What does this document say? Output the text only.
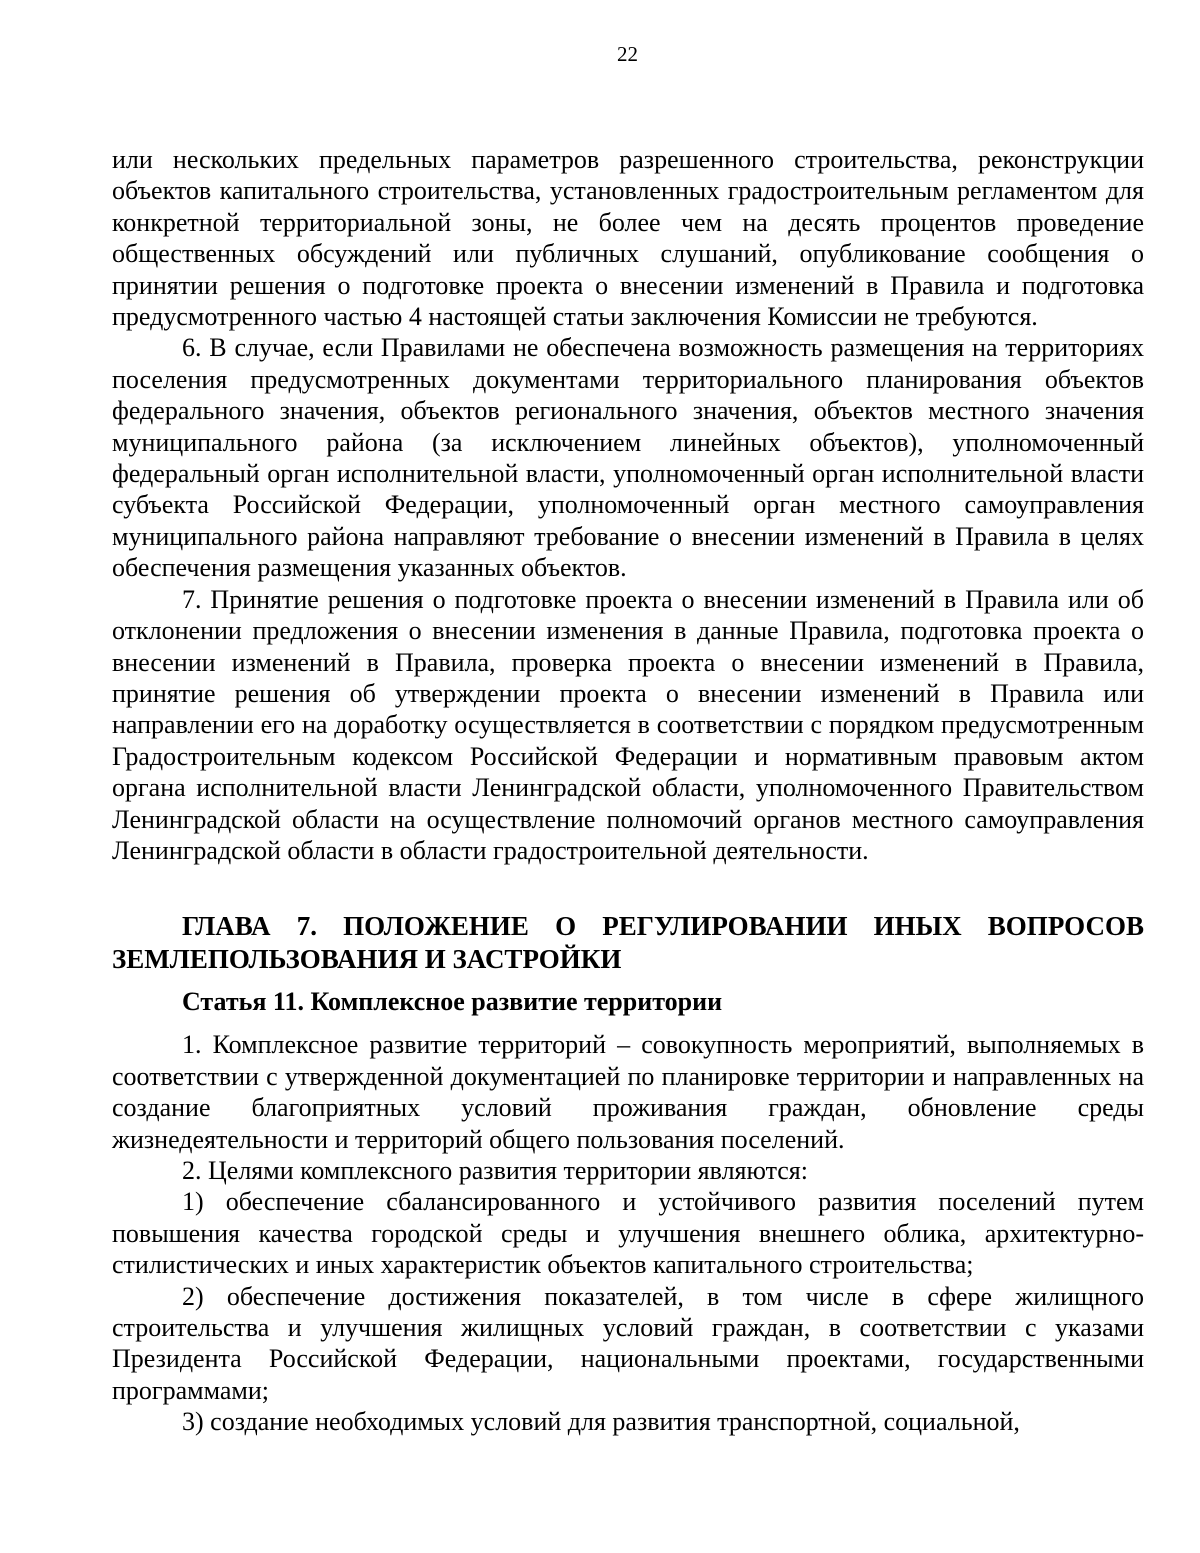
22

или нескольких предельных параметров разрешенного строительства, реконструкции объектов капитального строительства, установленных градостроительным регламентом для конкретной территориальной зоны, не более чем на десять процентов проведение общественных обсуждений или публичных слушаний, опубликование сообщения о принятии решения о подготовке проекта о внесении изменений в Правила и подготовка предусмотренного частью 4 настоящей статьи заключения Комиссии не требуются.

6. В случае, если Правилами не обеспечена возможность размещения на территориях поселения предусмотренных документами территориального планирования объектов федерального значения, объектов регионального значения, объектов местного значения муниципального района (за исключением линейных объектов), уполномоченный федеральный орган исполнительной власти, уполномоченный орган исполнительной власти субъекта Российской Федерации, уполномоченный орган местного самоуправления муниципального района направляют требование о внесении изменений в Правила в целях обеспечения размещения указанных объектов.

7. Принятие решения о подготовке проекта о внесении изменений в Правила или об отклонении предложения о внесении изменения в данные Правила, подготовка проекта о внесении изменений в Правила, проверка проекта о внесении изменений в Правила, принятие решения об утверждении проекта о внесении изменений в Правила или направлении его на доработку осуществляется в соответствии с порядком предусмотренным Градостроительным кодексом Российской Федерации и нормативным правовым актом органа исполнительной власти Ленинградской области, уполномоченного Правительством Ленинградской области на осуществление полномочий органов местного самоуправления Ленинградской области в области градостроительной деятельности.

ГЛАВА 7. ПОЛОЖЕНИЕ О РЕГУЛИРОВАНИИ ИНЫХ ВОПРОСОВ ЗЕМЛЕПОЛЬЗОВАНИЯ И ЗАСТРОЙКИ
Статья 11. Комплексное развитие территории

1. Комплексное развитие территорий – совокупность мероприятий, выполняемых в соответствии с утвержденной документацией по планировке территории и направленных на создание благоприятных условий проживания граждан, обновление среды жизнедеятельности и территорий общего пользования поселений.

2. Целями комплексного развития территории являются:

1) обеспечение сбалансированного и устойчивого развития поселений путем повышения качества городской среды и улучшения внешнего облика, архитектурно-стилистических и иных характеристик объектов капитального строительства;

2) обеспечение достижения показателей, в том числе в сфере жилищного строительства и улучшения жилищных условий граждан, в соответствии с указами Президента Российской Федерации, национальными проектами, государственными программами;

3) создание необходимых условий для развития транспортной, социальной,
